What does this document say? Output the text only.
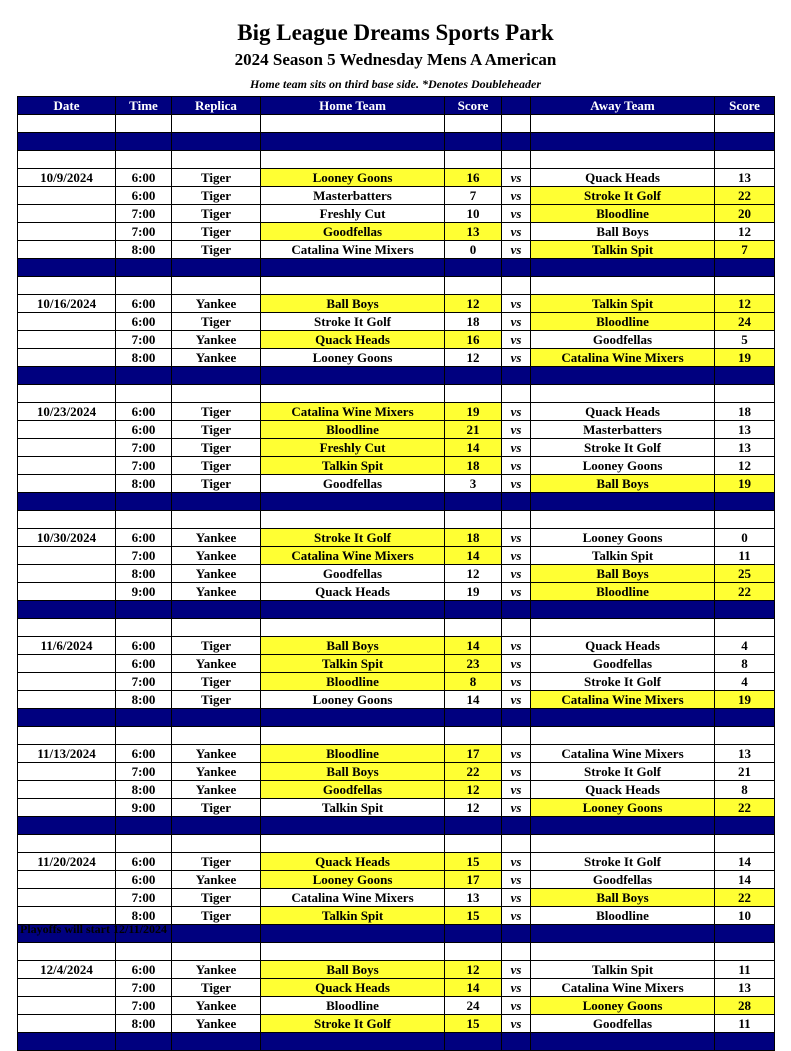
Big League Dreams Sports Park
2024 Season 5 Wednesday Mens A American
Home team sits on third base side. *Denotes Doubleheader
Date	Time	Replica	Home Team	Score		Away Team	Score

10/9/2024	6:00	Tiger	Looney Goons	16	vs	Quack Heads	13
	6:00	Tiger	Masterbatters	7	vs	Stroke It Golf	22
	7:00	Tiger	Freshly Cut	10	vs	Bloodline	20
	7:00	Tiger	Goodfellas	13	vs	Ball Boys	12
	8:00	Tiger	Catalina Wine Mixers	0	vs	Talkin Spit	7

10/16/2024	6:00	Yankee	Ball Boys	12	vs	Talkin Spit	12
	6:00	Tiger	Stroke It Golf	18	vs	Bloodline	24
	7:00	Yankee	Quack Heads	16	vs	Goodfellas	5
	8:00	Yankee	Looney Goons	12	vs	Catalina Wine Mixers	19

10/23/2024	6:00	Tiger	Catalina Wine Mixers	19	vs	Quack Heads	18
	6:00	Tiger	Bloodline	21	vs	Masterbatters	13
	7:00	Tiger	Freshly Cut	14	vs	Stroke It Golf	13
	7:00	Tiger	Talkin Spit	18	vs	Looney Goons	12
	8:00	Tiger	Goodfellas	3	vs	Ball Boys	19

10/30/2024	6:00	Yankee	Stroke It Golf	18	vs	Looney Goons	0
	7:00	Yankee	Catalina Wine Mixers	14	vs	Talkin Spit	11
	8:00	Yankee	Goodfellas	12	vs	Ball Boys	25
	9:00	Yankee	Quack Heads	19	vs	Bloodline	22

11/6/2024	6:00	Tiger	Ball Boys	14	vs	Quack Heads	4
	6:00	Yankee	Talkin Spit	23	vs	Goodfellas	8
	7:00	Tiger	Bloodline	8	vs	Stroke It Golf	4
	8:00	Tiger	Looney Goons	14	vs	Catalina Wine Mixers	19

11/13/2024	6:00	Yankee	Bloodline	17	vs	Catalina Wine Mixers	13
	7:00	Yankee	Ball Boys	22	vs	Stroke It Golf	21
	8:00	Yankee	Goodfellas	12	vs	Quack Heads	8
	9:00	Tiger	Talkin Spit	12	vs	Looney Goons	22

11/20/2024	6:00	Tiger	Quack Heads	15	vs	Stroke It Golf	14
	6:00	Yankee	Looney Goons	17	vs	Goodfellas	14
	7:00	Tiger	Catalina Wine Mixers	13	vs	Ball Boys	22
	8:00	Tiger	Talkin Spit	15	vs	Bloodline	10

12/4/2024	6:00	Yankee	Ball Boys	12	vs	Talkin Spit	11
	7:00	Tiger	Quack Heads	14	vs	Catalina Wine Mixers	13
	7:00	Yankee	Bloodline	24	vs	Looney Goons	28
	8:00	Yankee	Stroke It Golf	15	vs	Goodfellas	11

Playoffs will start 12/11/2024
